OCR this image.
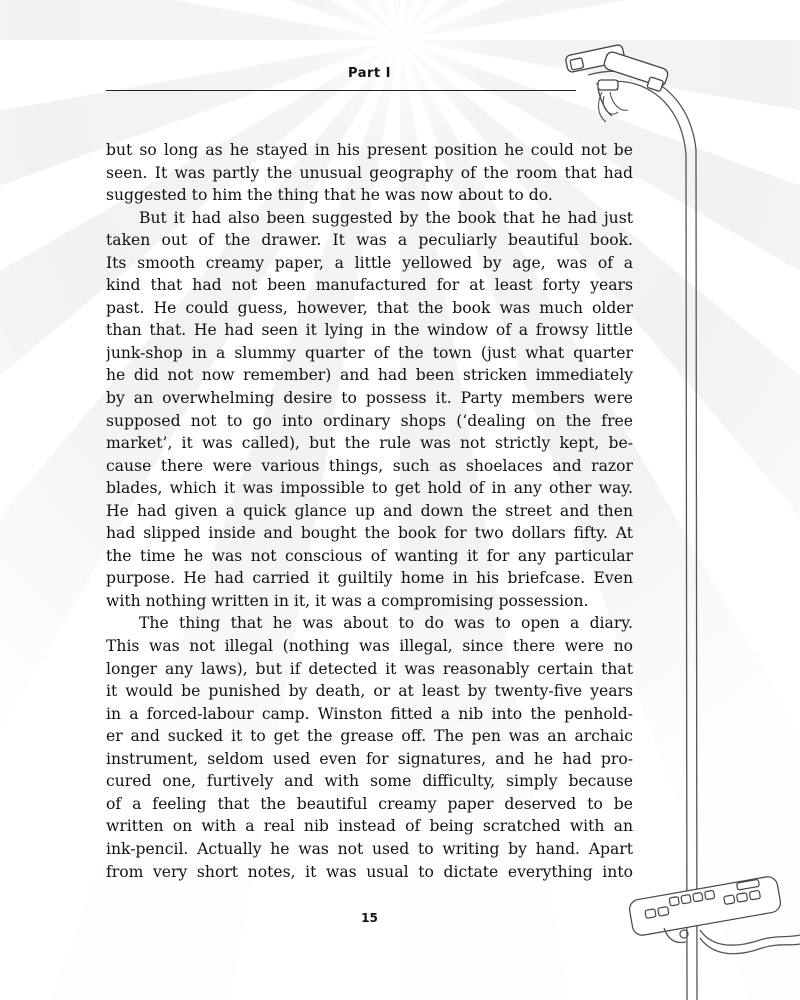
Part I
but so long as he stayed in his present position he could not be
seen. It was partly the unusual geography of the room that had
suggested to him the thing that he was now about to do.
But it had also been suggested by the book that he had just
taken out of the drawer. It was a peculiarly beautiful book.
Its smooth creamy paper, a little yellowed by age, was of a
kind that had not been manufactured for at least forty years
past. He could guess, however, that the book was much older
than that. He had seen it lying in the window of a frowsy little
junk-shop in a slummy quarter of the town (just what quarter
he did not now remember) and had been stricken immediately
by an overwhelming desire to possess it. Party members were
supposed not to go into ordinary shops (‘dealing on the free
market’, it was called), but the rule was not strictly kept, be-
cause there were various things, such as shoelaces and razor
blades, which it was impossible to get hold of in any other way.
He had given a quick glance up and down the street and then
had slipped inside and bought the book for two dollars fifty. At
the time he was not conscious of wanting it for any particular
purpose. He had carried it guiltily home in his briefcase. Even
with nothing written in it, it was a compromising possession.
The thing that he was about to do was to open a diary.
This was not illegal (nothing was illegal, since there were no
longer any laws), but if detected it was reasonably certain that
it would be punished by death, or at least by twenty-five years
in a forced-labour camp. Winston fitted a nib into the penhold-
er and sucked it to get the grease off. The pen was an archaic
instrument, seldom used even for signatures, and he had pro-
cured one, furtively and with some difficulty, simply because
of a feeling that the beautiful creamy paper deserved to be
written on with a real nib instead of being scratched with an
ink-pencil. Actually he was not used to writing by hand. Apart
from very short notes, it was usual to dictate everything into
15
